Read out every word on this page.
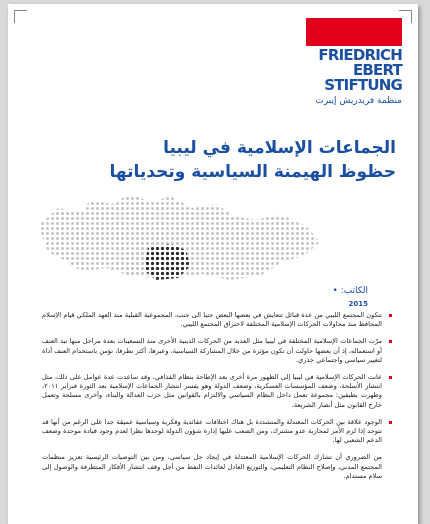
FRIEDRICH
EBERT
STIFTUNG
منظمة فريدريش إيبرت
الجماعات الإسلامية في ليبيا
حظوظ الهيمنة السياسية وتحدياتها
الكاتب: •
2015
تتكون المجتمع الليبي من عدة قبائل تتعايش في بعضها البعض جنبا الى جنب، المجموعية القبلية منذ العهد الملكي قيام الإسلام المحافظ منذ محاولات الحركات الإسلامية المختلفة لاختراق المجتمع الليبي.
مرّت الجماعات الإسلامية المختلفة في ليبيا مثل العديد من الحركات الدينية الأخرى منذ التسعينات بعدة مراحل منها نبذ العنف أو استعماله، إذ أن بعضها حاولت أن تكون مؤثرة من خلال المشاركة السياسية، وعبرها، أكثر تطرفا، تؤمن باستخدام العنف أداة لتغيير سياسي واجتماعي جذري.
عانت الحركات الإسلامية في ليبيا إلى الظهور مرة أخرى بعد الإطاحة بنظام القذافي، وقد ساعدت عدة عوامل على ذلك، مثل انتشار الأسلحة، وضعف المؤسسات العسكرية، وضعف الدولة وهو يفسر انتشار الجماعات الإسلامية بعد الثورة فبراير ٢٠١١، وظهرت بطيفين: مجموعة تعمل داخل النظام السياسي والالتزام بالقوانين مثل حزب العدالة والبناء، وأخرى مسلحة وتعمل خارج القانون مثل أنصار الشريعة.
الوجود علاقة بين الحركات المعتدلة والمتشددة بل هناك اختلافات عقائدية وفكرية وسياسية عميقة جدا على الرغم من أنها قد تتوحد إذا لزم الأمر لمحاربة عدو مشترك، ومن الصعب عليها إدارة شؤون الدولة لوحدها نظرا لعدم وجود قيادة موحدة وضعف الدعم الشعبي لها.
من الضروري أن تشارك الحركات الإسلامية المعتدلة في إيجاد حل سياسي، ومن بين التوصيات الرئيسية تعزيز منظمات المجتمع المدني، وإصلاح النظام التعليمي، والتوزيع العادل لعائدات النفط من أجل وقف انتشار الأفكار المتطرفة والوصول إلى سلام مستدام.
